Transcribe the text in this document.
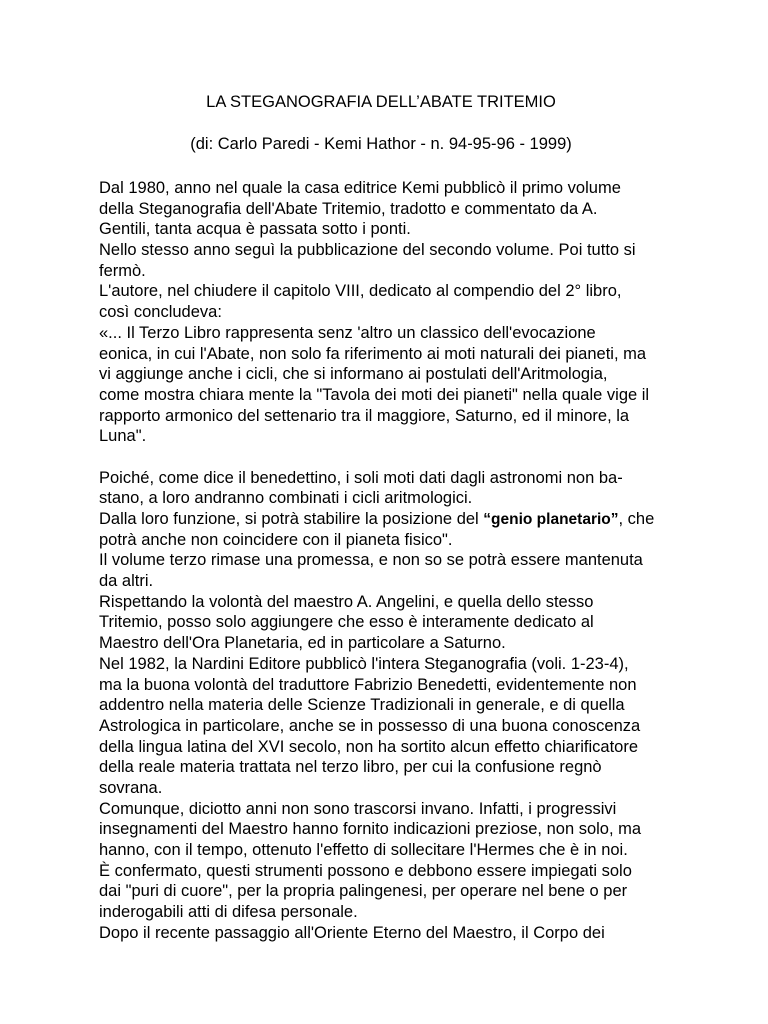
LA STEGANOGRAFIA DELL’ABATE TRITEMIO
(di: Carlo Paredi - Kemi Hathor - n. 94-95-96 - 1999)
Dal 1980, anno nel quale la casa editrice Kemi pubblicò il primo volume
della Steganografia dell'Abate Tritemio, tradotto e commentato da A.
Gentili, tanta acqua è passata sotto i ponti.
Nello stesso anno seguì la pubblicazione del secondo volume. Poi tutto si
fermò.
L'autore, nel chiudere il capitolo VIII, dedicato al compendio del 2° libro,
così concludeva:
«... Il Terzo Libro rappresenta senz 'altro un classico dell'evocazione
eonica, in cui l'Abate, non solo fa riferimento ai moti naturali dei pianeti, ma
vi aggiunge anche i cicli, che si informano ai postulati dell'Aritmologia,
come mostra chiara mente la "Tavola dei moti dei pianeti" nella quale vige il
rapporto armonico del settenario tra il maggiore, Saturno, ed il minore, la
Luna".
Poiché, come dice il benedettino, i soli moti dati dagli astronomi non ba-
stano, a loro andranno combinati i cicli aritmologici.
Dalla loro funzione, si potrà stabilire la posizione del “genio planetario”, che
potrà anche non coincidere con il pianeta fisico".
Il volume terzo rimase una promessa, e non so se potrà essere mantenuta
da altri.
Rispettando la volontà del maestro A. Angelini, e quella dello stesso
Tritemio, posso solo aggiungere che esso è interamente dedicato al
Maestro dell'Ora Planetaria, ed in particolare a Saturno.
Nel 1982, la Nardini Editore pubblicò l'intera Steganografia (voli. 1-23-4),
ma la buona volontà del traduttore Fabrizio Benedetti, evidentemente non
addentro nella materia delle Scienze Tradizionali in generale, e di quella
Astrologica in particolare, anche se in possesso di una buona conoscenza
della lingua latina del XVI secolo, non ha sortito alcun effetto chiarificatore
della reale materia trattata nel terzo libro, per cui la confusione regnò
sovrana.
Comunque, diciotto anni non sono trascorsi invano. Infatti, i progressivi
insegnamenti del Maestro hanno fornito indicazioni preziose, non solo, ma
hanno, con il tempo, ottenuto l'effetto di sollecitare l'Hermes che è in noi.
È confermato, questi strumenti possono e debbono essere impiegati solo
dai "puri di cuore", per la propria palingenesi, per operare nel bene o per
inderogabili atti di difesa personale.
Dopo il recente passaggio all'Oriente Eterno del Maestro, il Corpo dei
